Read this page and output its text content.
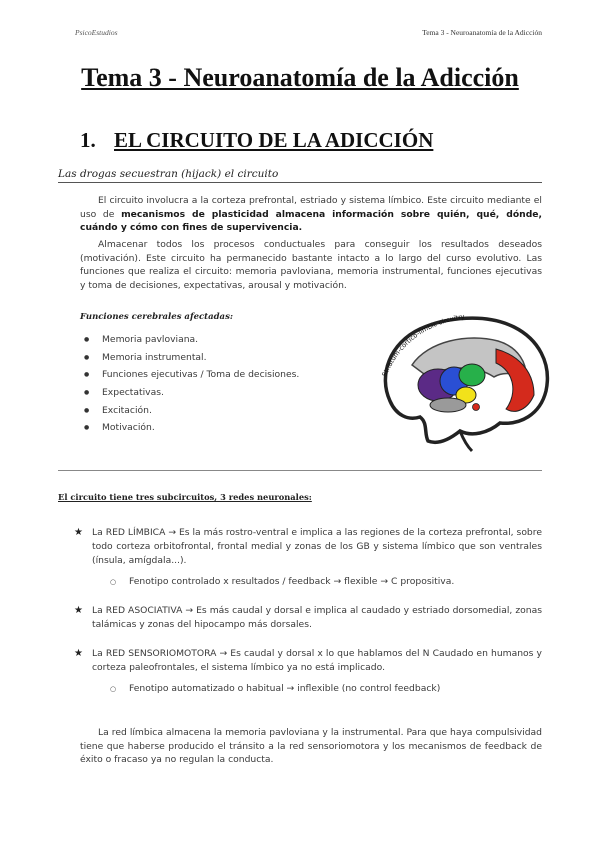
PsicoEstudios	Tema 3 - Neuroanatomía de la Adicción
Tema 3 - Neuroanatomía de la Adicción
1. EL CIRCUITO DE LA ADICCIÓN
Las drogas secuestran (hijack) el circuito
El circuito involucra a la corteza prefrontal, estriado y sistema límbico. Este circuito mediante el uso de mecanismos de plasticidad almacena información sobre quién, qué, dónde, cuándo y cómo con fines de supervivencia.
Almacenar todos los procesos conductuales para conseguir los resultados deseados (motivación). Este circuito ha permanecido bastante intacto a lo largo del curso evolutivo. Las funciones que realiza el circuito: memoria pavloviana, memoria instrumental, funciones ejecutivas y toma de decisiones, expectativas, arousal y motivación.
Funciones cerebrales afectadas:
● Memoria pavloviana.
● Memoria instrumental.
● Funciones ejecutivas / Toma de decisiones.
● Expectativas.
● Excitación.
● Motivación.
Striatum-cortico-limbic circuitry
El circuito tiene tres subcircuitos, 3 redes neuronales:
★ La RED LÍMBICA → Es la más rostro-ventral e implica a las regiones de la corteza prefrontal, sobre todo corteza orbitofrontal, frontal medial y zonas de los GB y sistema límbico que son ventrales (ínsula, amígdala...).
○ Fenotipo controlado x resultados / feedback → flexible → C propositiva.
★ La RED ASOCIATIVA → Es más caudal y dorsal e implica al caudado y estriado dorsomedial, zonas talámicas y zonas del hipocampo más dorsales.
★ La RED SENSORIOMOTORA → Es caudal y dorsal x lo que hablamos del N Caudado en humanos y corteza paleofrontales, el sistema límbico ya no está implicado.
○ Fenotipo automatizado o habitual → inflexible (no control feedback)
La red límbica almacena la memoria pavloviana y la instrumental. Para que haya compulsividad tiene que haberse producido el tránsito a la red sensoriomotora y los mecanismos de feedback de éxito o fracaso ya no regulan la conducta.
